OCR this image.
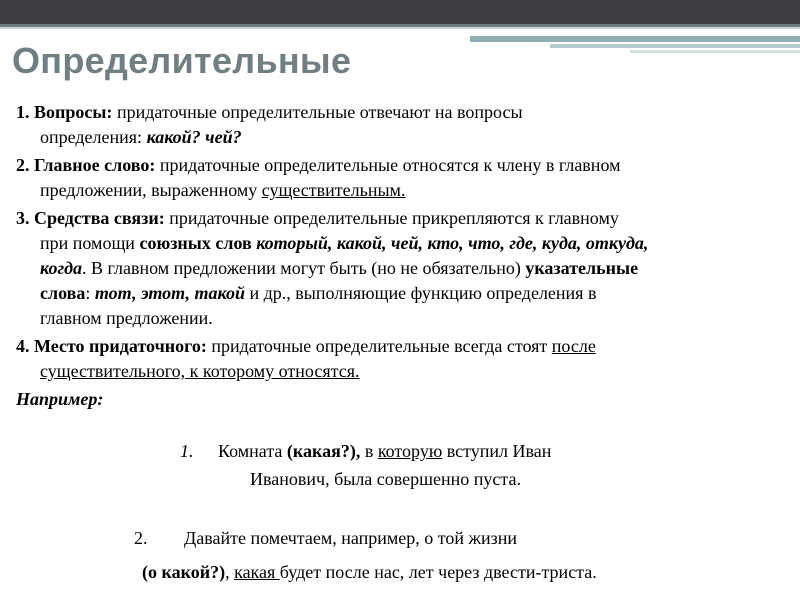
Определительные
1. Вопросы: придаточные определительные отвечают на вопросы
определения: какой? чей?
2. Главное слово: придаточные определительные относятся к члену в главном
предложении, выраженному существительным.
3. Средства связи: придаточные определительные прикрепляются к главному
при помощи союзных слов который, какой, чей, кто, что, где, куда, откуда,
когда. В главном предложении могут быть (но не обязательно) указательные
слова: тот, этот, такой и др., выполняющие функцию определения в
главном предложении.
4. Место придаточного: придаточные определительные всегда стоят после
существительного, к которому относятся.
Например:
1. Комната (какая?), в которую вступил Иван
Иванович, была совершенно пуста.
2. Давайте помечтаем, например, о той жизни
(о какой?), какая будет после нас, лет через двести-триста.
